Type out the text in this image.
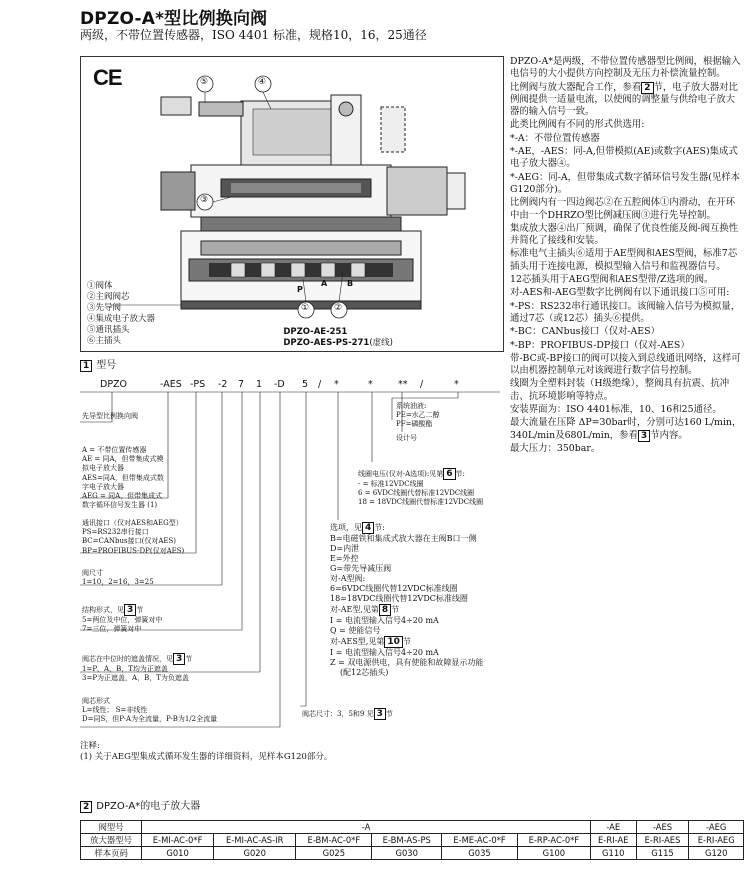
DPZO-A*型比例换向阀
两级，不带位置传感器，ISO 4401 标准，规格10，16，25通径
CE	⑤	④
③
①	②
P
A B
①阀体
②主阀阀芯
③先导阀
④集成电子放大器
⑤通讯插头
⑥主插头
DPZO-AE-251
DPZO-AES-PS-271(虚线)

DPZO-A*是两级，不带位置传感器型比例阀，根据输入电信号的大小提供方向控制及无压力补偿流量控制。

比例阀与放大器配合工作，参看 2 节，电子放大器对比例阀提供一适量电流，以使阀的调整量与供给电子放大器的输入信号一致。

此类比例阀有不同的形式供选用:

*-A：不带位置传感器

*-AE，-AES：同-A,但带模拟(AE)或数字(AES)集成式电子放大器④。

*-AEG：同-A，但带集成式数字循环信号发生器(见样本G120部分)。

比例阀内有一四边阀芯②在五腔阀体①内滑动，在开环中由一个DHRZO型比例减压阀③进行先导控制。

集成放大器④出厂预调，确保了优良性能及阀-阀互换性并简化了接线和安装。

标准电气主插头⑥适用于AE型阀和AES型阀，标准7芯插头用于连接电源，模拟型输入信号和监视器信号。

12芯插头用于AEG型阀和AES型带/Z选项的阀。

对-AES和-AEG型数字比例阀有以下通讯接口⑤可用:

*-PS：RS232串行通讯接口。该阀输入信号为模拟量，通过7芯（或12芯）插头⑥提供。

*-BC：CANbus接口（仅对-AES）

*-BP：PROFIBUS-DP接口（仅对-AES）

带-BC或-BP接口的阀可以接入到总线通讯网络，这样可以由机器控制单元对该阀进行数字信号控制。

线圈为全塑料封装（H级绝缘），整阀具有抗震、抗冲击、抗环境影响等特点。

安装界面为：ISO 4401标准，10、16和25通径。

最大流量在压降 ΔP=30bar时，分别可达160 L/min，340L/min及680L/min，参看 3 节内容。

最大压力：350bar。

1 型号
DPZO	-AES -PS -2 7 1 -D 5 / *	*	** /	*
先导型比例换向阀
A = 不带位置传感器
AE = 同A，但带集成式模拟电子放大器
AES=同A，但带集成式数字电子放大器
AEG = 同A，但带集成式数字循环信号发生器 (1)
通讯接口（仅对AES和AEG型）
PS=RS232串行接口
BC=CANbus接口(仅对AES)
BP=PROFIBUS-DP(仅对AES)
阀尺寸
1=10，2=16，3=25
结构形式，见 3 节
5=两位及中位，弹簧对中
7=三位，弹簧对中
阀芯在中位时的遮盖情况，见 3 节
1=P，A，B，T均为正遮盖
3=P为正遮盖，A，B，T为负遮盖
阀芯形式
L=线性； S=非线性
D=同S，但P-A为全流量，P-B为1/2全流量
系统油液:
PE=水乙二醇
PF=磷酸酯
设计号
线圈电压(仅对-A选项):见第 6 节:
- = 标准12VDC线圈
6 = 6VDC线圈代替标准12VDC线圈
18 = 18VDC线圈代替标准12VDC线圈
选项，见 4 节:
B=电磁铁和集成式放大器在主阀B口一侧
D=内泄
E=外控
G=带先导减压阀
对-A型阀:
6=6VDC线圈代替12VDC标准线圈
18=18VDC线圈代替12VDC标准线圈
对-AE型,见第 8 节
I = 电流型输入信号4÷20 mA
Q = 使能信号
对-AES型,见第 10 节
I = 电流型输入信号4÷20 mA
Z = 双电源供电，具有使能和故障显示功能
(配12芯插头)
阀芯尺寸：3，5和9 见 3 节
注释:
(1) 关于AEG型集成式循环发生器的详细资料，见样本G120部分。
2 DPZO-A*的电子放大器
阀型号	-A						-AE	-AES	-AEG
放大器型号	E-MI-AC-0*F	E-MI-AC-AS-IR	E-BM-AC-0*F	E-BM-AS-PS	E-ME-AC-0*F	E-RP-AC-0*F	E-RI-AE	E-RI-AES	E-RI-AEG
样本页码	G010	G020	G025	G030	G035	G100	G110	G115	G120
